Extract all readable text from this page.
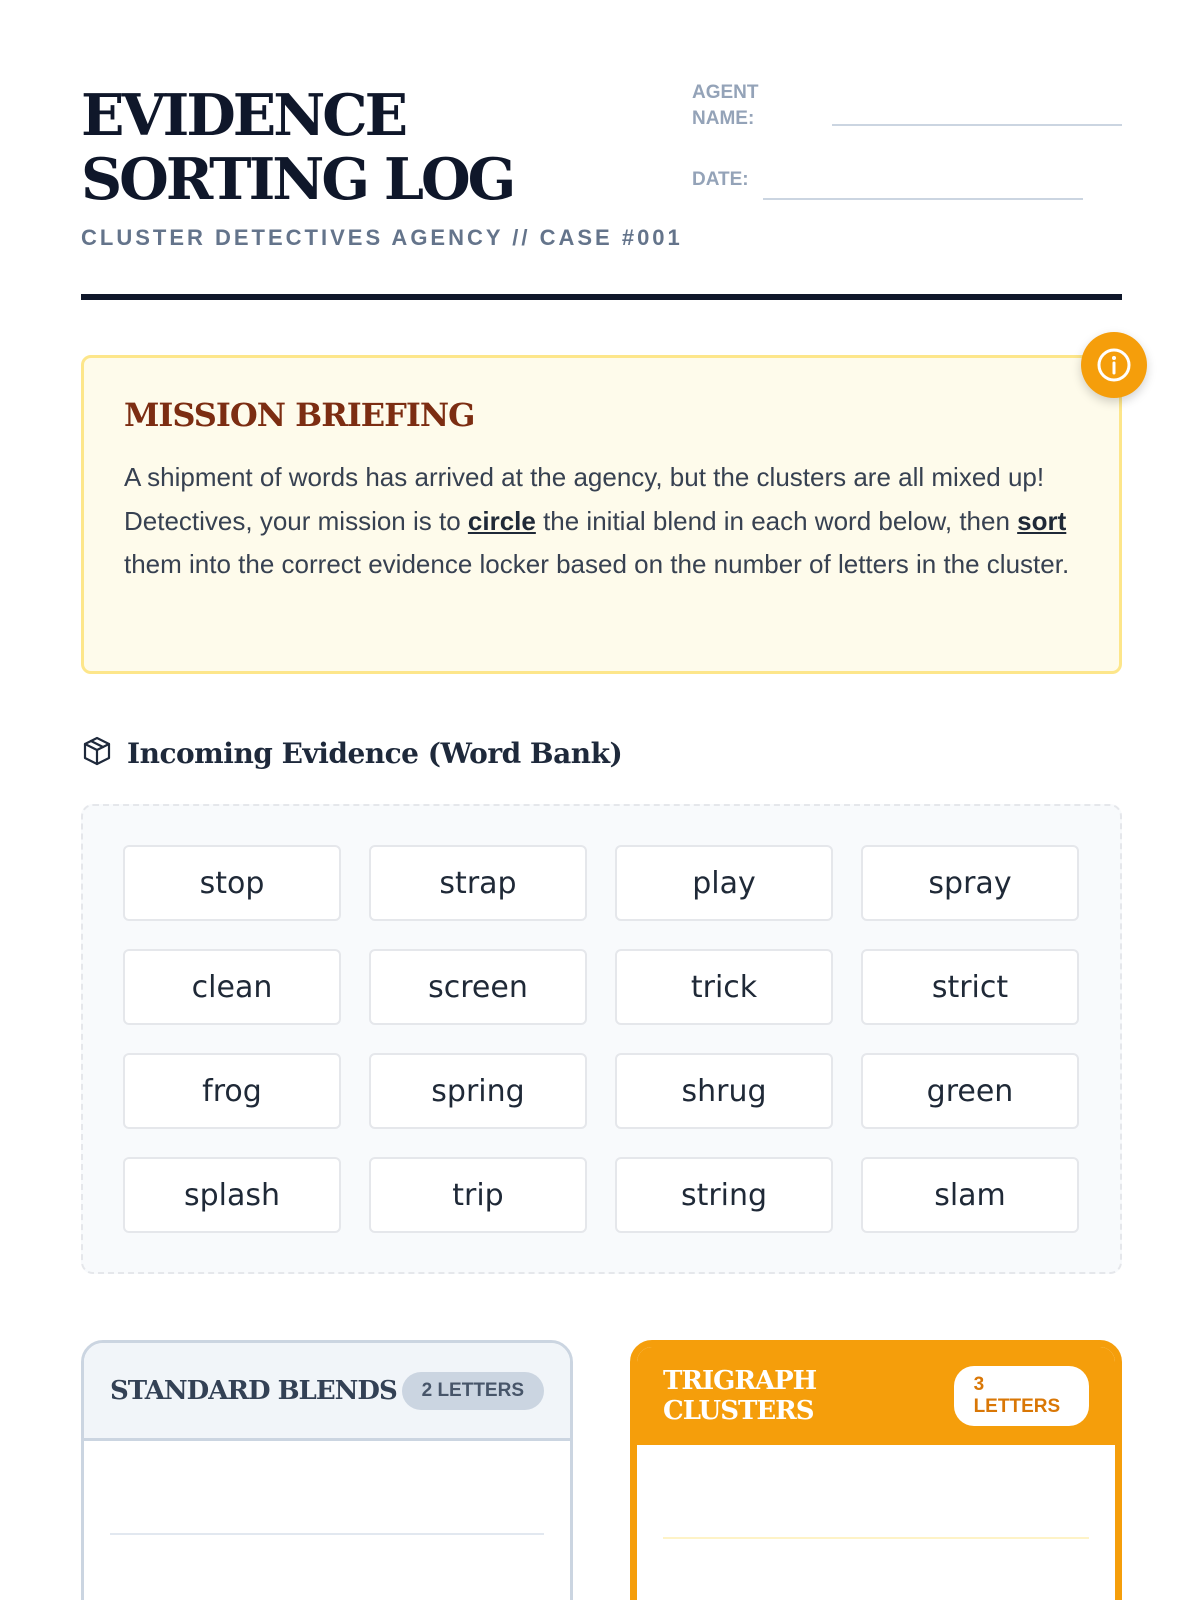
EVIDENCE SORTING LOG
CLUSTER DETECTIVES AGENCY // CASE #001
AGENT NAME:
DATE:
MISSION BRIEFING

A shipment of words has arrived at the agency, but the clusters are all mixed up! Detectives, your mission is to circle the initial blend in each word below, then sort them into the correct evidence locker based on the number of letters in the cluster.

Incoming Evidence (Word Bank)
stop	strap	play	spray
clean	screen	trick	strict
frog	spring	shrug	green
splash	trip	string	slam
STANDARD BLENDS	2 LETTERS	TRIGRAPH CLUSTERS
3 LETTERS
